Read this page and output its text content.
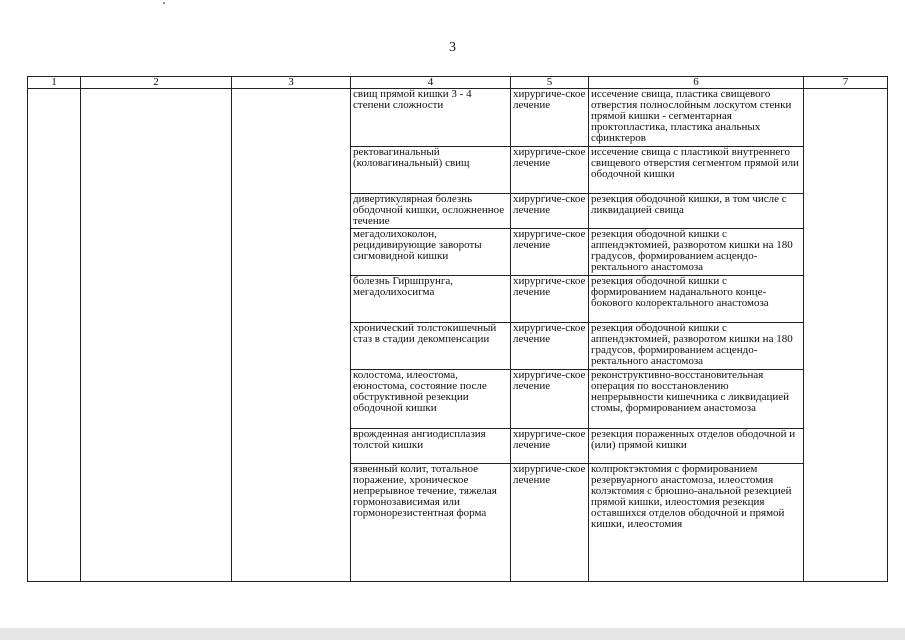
3
1	2	3	4	5	6	7
			свищ прямой кишки 3 - 4 степени сложности	хирургиче-ское лечение	иссечение свища, пластика свищевого отверстия полнослойным лоскутом стенки прямой кишки - сегментарная проктопластика, пластика анальных сфинктеров	
			ректовагинальный (коловагинальный) свищ	хирургиче-ское лечение	иссечение свища с пластикой внутреннего свищевого отверстия сегментом прямой или ободочной кишки	
			дивертикулярная болезнь ободочной кишки, осложненное течение	хирургиче-ское лечение	резекция ободочной кишки, в том числе с ликвидацией свища	
			мегадолихоколон, рецидивирующие завороты сигмовидной кишки	хирургиче-ское лечение	резекция ободочной кишки с аппендэктомией, разворотом кишки на 180 градусов, формированием асцендо-ректального анастомоза	
			болезнь Гиршпрунга, мегадолихосигма	хирургиче-ское лечение	резекция ободочной кишки с формированием наданального конце-бокового колоректального анастомоза	
			хронический толстокишечный стаз в стадии декомпенсации	хирургиче-ское лечение	резекция ободочной кишки с аппендэктомией, разворотом кишки на 180 градусов, формированием асцендо-ректального анастомоза	
			колостома, илеостома, еюностома, состояние после обструктивной резекции ободочной кишки	хирургиче-ское лечение	реконструктивно-восстановительная операция по восстановлению непрерывности кишечника с ликвидацией стомы, формированием анастомоза	
			врожденная ангиодисплазия толстой кишки	хирургиче-ское лечение	резекция пораженных отделов ободочной и (или) прямой кишки	
			язвенный колит, тотальное поражение, хроническое непрерывное течение, тяжелая гормонозависимая или гормонорезистентная форма	хирургиче-ское лечение	колпроктэктомия с формированием резервуарного анастомоза, илеостомия колэктомия с брюшно-анальной резекцией прямой кишки, илеостомия резекция оставшихся отделов ободочной и прямой кишки, илеостомия	
